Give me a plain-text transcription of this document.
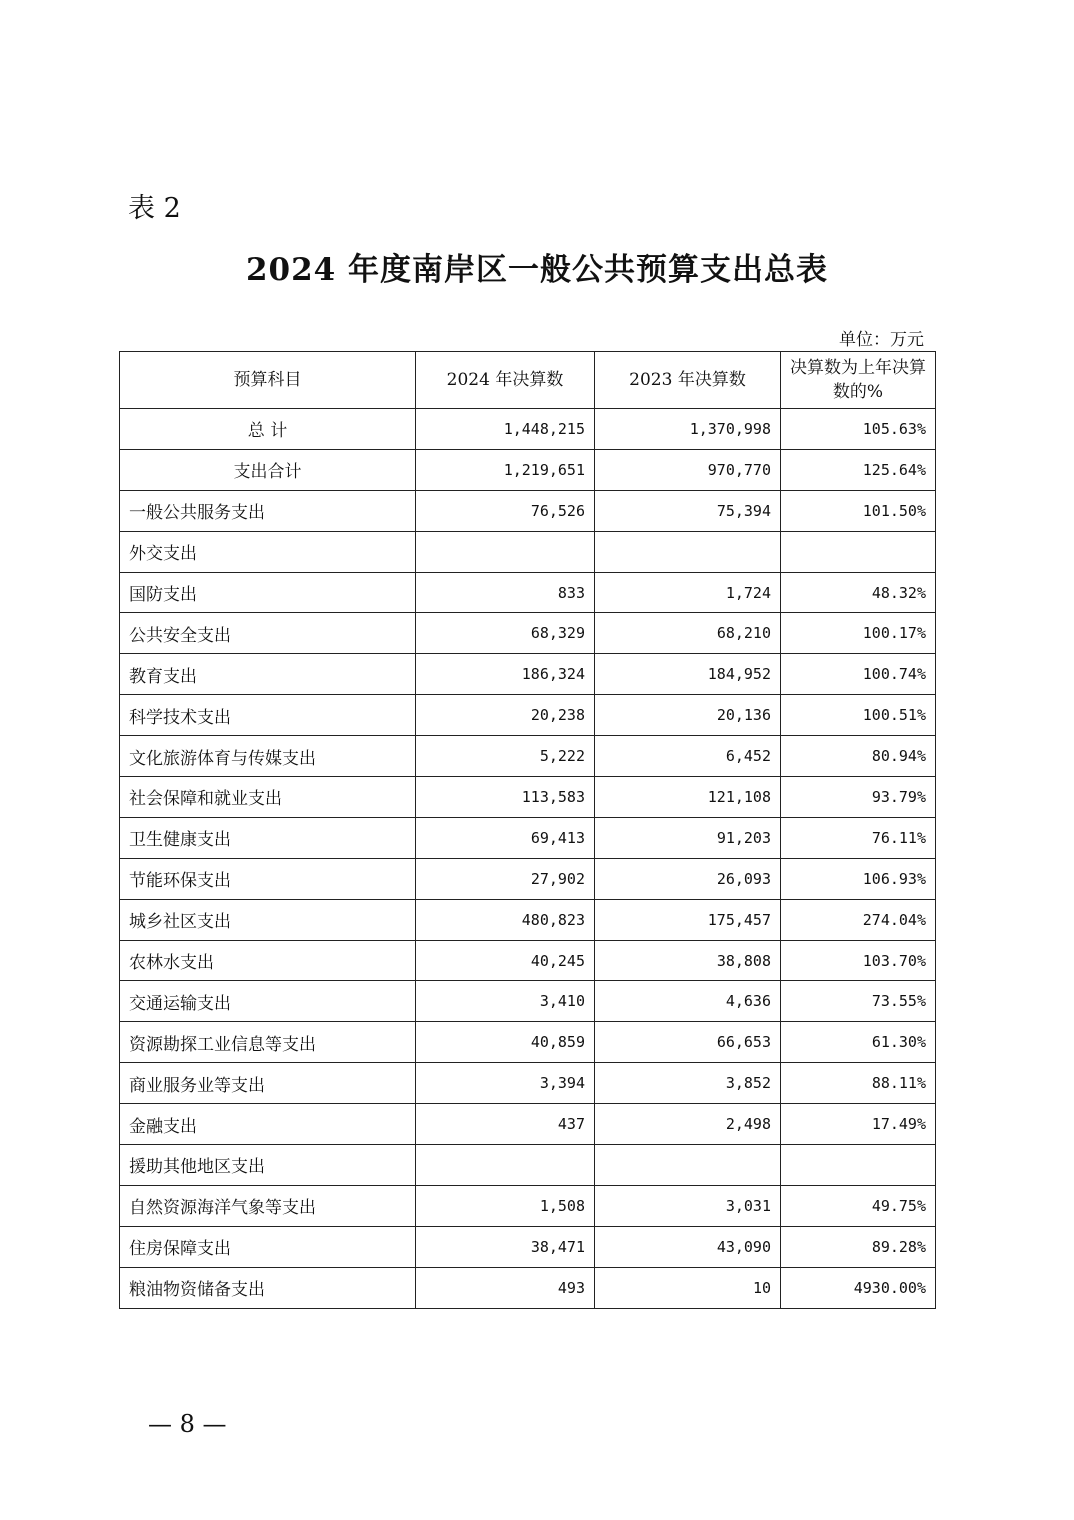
表 2
2024 年度南岸区一般公共预算支出总表
单位：万元
预算科目	2024 年决算数	2023 年决算数	决算数为上年决算数的%
总 计	1,448,215	1,370,998	105.63%
支出合计	1,219,651	970,770	125.64%
一般公共服务支出	76,526	75,394	101.50%
外交支出			
国防支出	833	1,724	48.32%
公共安全支出	68,329	68,210	100.17%
教育支出	186,324	184,952	100.74%
科学技术支出	20,238	20,136	100.51%
文化旅游体育与传媒支出	5,222	6,452	80.94%
社会保障和就业支出	113,583	121,108	93.79%
卫生健康支出	69,413	91,203	76.11%
节能环保支出	27,902	26,093	106.93%
城乡社区支出	480,823	175,457	274.04%
农林水支出	40,245	38,808	103.70%
交通运输支出	3,410	4,636	73.55%
资源勘探工业信息等支出	40,859	66,653	61.30%
商业服务业等支出	3,394	3,852	88.11%
金融支出	437	2,498	17.49%
援助其他地区支出			
自然资源海洋气象等支出	1,508	3,031	49.75%
住房保障支出	38,471	43,090	89.28%
粮油物资储备支出	493	10	4930.00%
— 8 —
